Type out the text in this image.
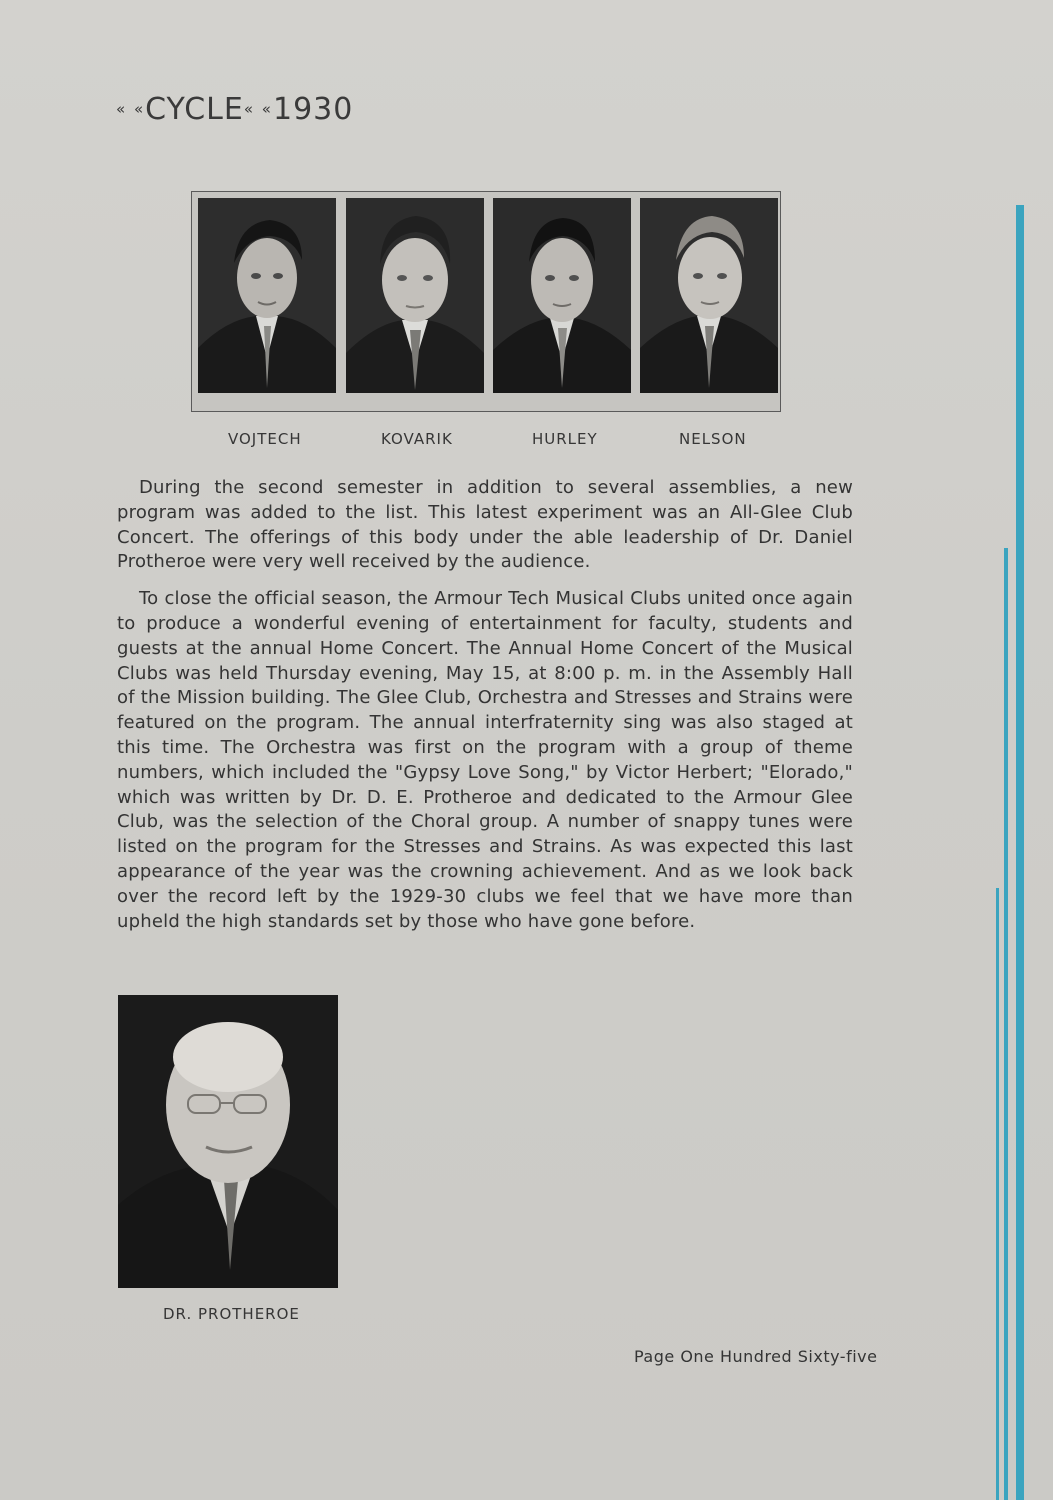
« «CYCLE« «1930
VOJTECH	KOVARIK	HURLEY	NELSON

During the second semester in addition to several assemblies, a new program was added to the list. This latest experiment was an All-Glee Club Concert. The offerings of this body under the able leadership of Dr. Daniel Protheroe were very well received by the audience.

To close the official season, the Armour Tech Musical Clubs united once again to produce a wonderful evening of entertainment for faculty, students and guests at the annual Home Concert. The Annual Home Concert of the Musical Clubs was held Thursday evening, May 15, at 8:00 p. m. in the Assembly Hall of the Mission building. The Glee Club, Orchestra and Stresses and Strains were featured on the program. The annual interfraternity sing was also staged at this time. The Orchestra was first on the program with a group of theme numbers, which included the "Gypsy Love Song," by Victor Herbert; "Elorado," which was written by Dr. D. E. Protheroe and dedicated to the Armour Glee Club, was the selection of the Choral group. A number of snappy tunes were listed on the program for the Stresses and Strains. As was expected this last appearance of the year was the crowning achievement. And as we look back over the record left by the 1929-30 clubs we feel that we have more than upheld the high standards set by those who have gone before.

DR. PROTHEROE
Page One Hundred Sixty-five
